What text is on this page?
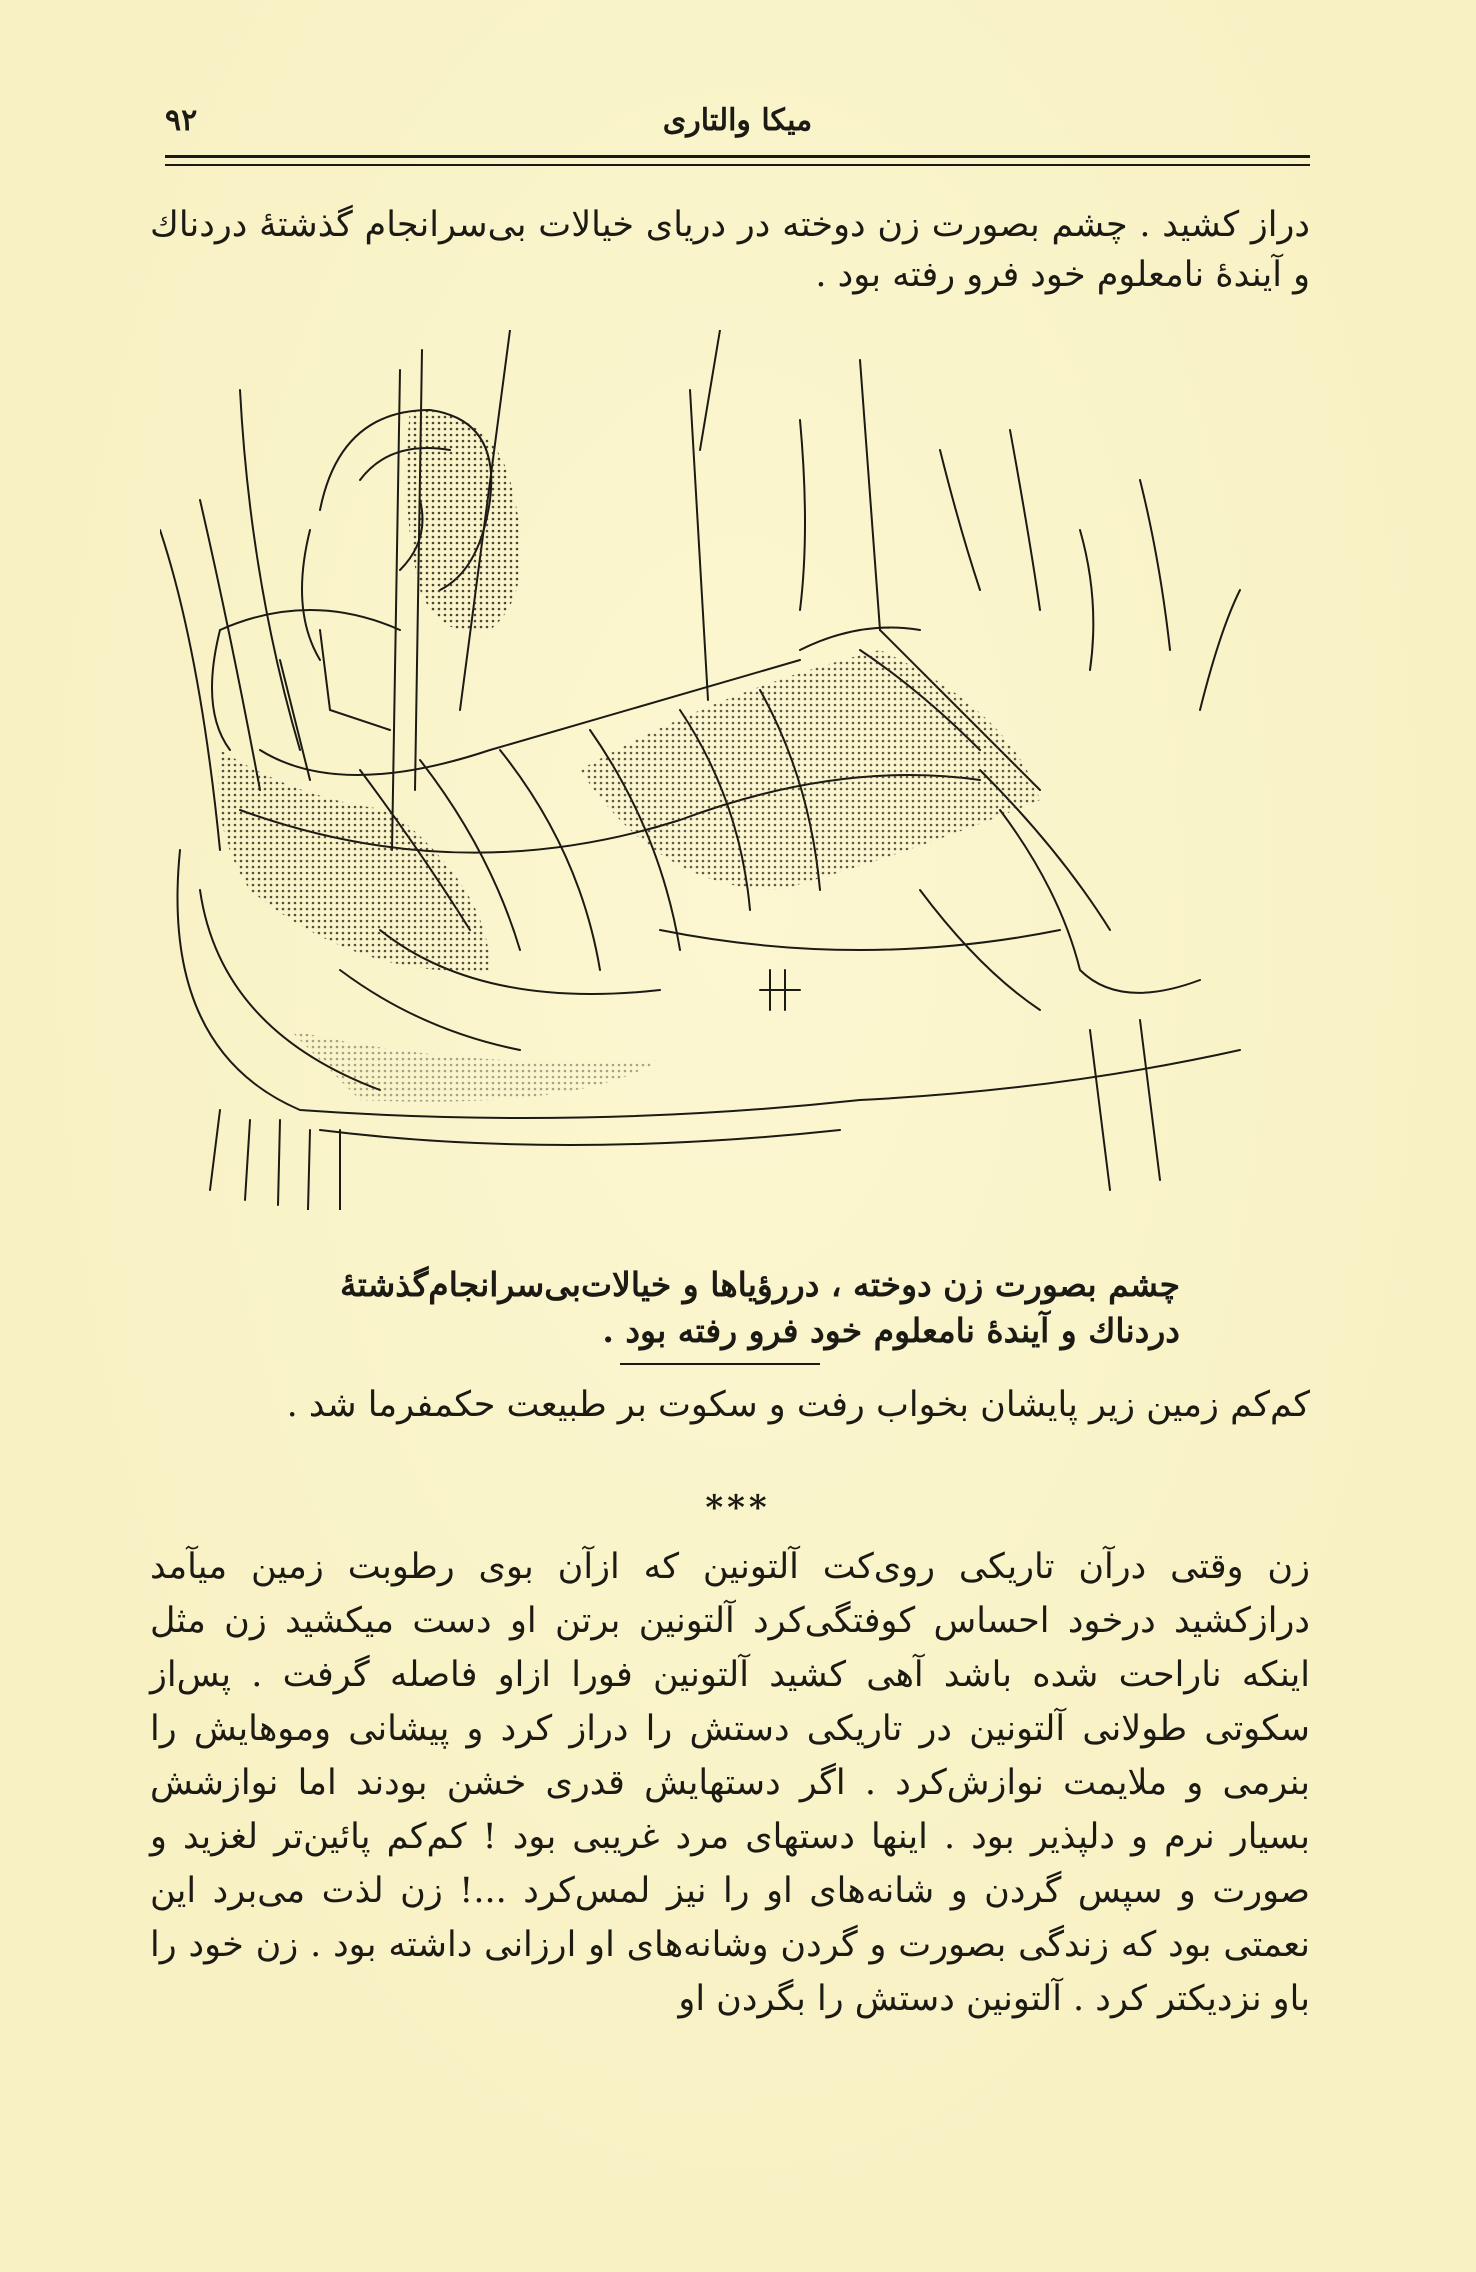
۹۲	میکا والتاری
دراز کشید . چشم بصورت زن دوخته در دریای خیالات بی‌سرانجام گذشتهٔ دردناك و آیندهٔ نامعلوم خود فرو رفته بود .
چشم بصورت زن دوخته ، دررؤیاها و خیالات‌بی‌سرانجام‌گذشتهٔ دردناك و آیندهٔ نامعلوم خود فرو رفته بود .
کم‌کم زمین زیر پایشان بخواب رفت و سکوت بر طبیعت حکمفرما شد .
***
زن وقتی درآن تاریکی روی‌کت آلتونین که ازآن بوی رطوبت زمین میآمد درازکشید درخود احساس کوفتگی‌کرد آلتونین برتن او دست میکشید زن مثل اینکه ناراحت شده باشد آهی کشید آلتونین فورا ازاو فاصله گرفت . پس‌از سکوتی طولانی آلتونین در تاریکی دستش را دراز کرد و پیشانی وموهایش را بنرمی و ملایمت نوازش‌کرد . اگر دستهایش قدری خشن بودند اما نوازشش بسیار نرم و دلپذیر بود . اینها دستهای مرد غریبی بود ! کم‌کم پائین‌تر لغزید و صورت و سپس گردن و شانه‌های او را نیز لمس‌کرد ...! زن لذت می‌برد این نعمتی بود که زندگی بصورت و گردن وشانه‌های او ارزانی داشته بود . زن خود را باو نزدیکتر کرد . آلتونین دستش را بگردن او
